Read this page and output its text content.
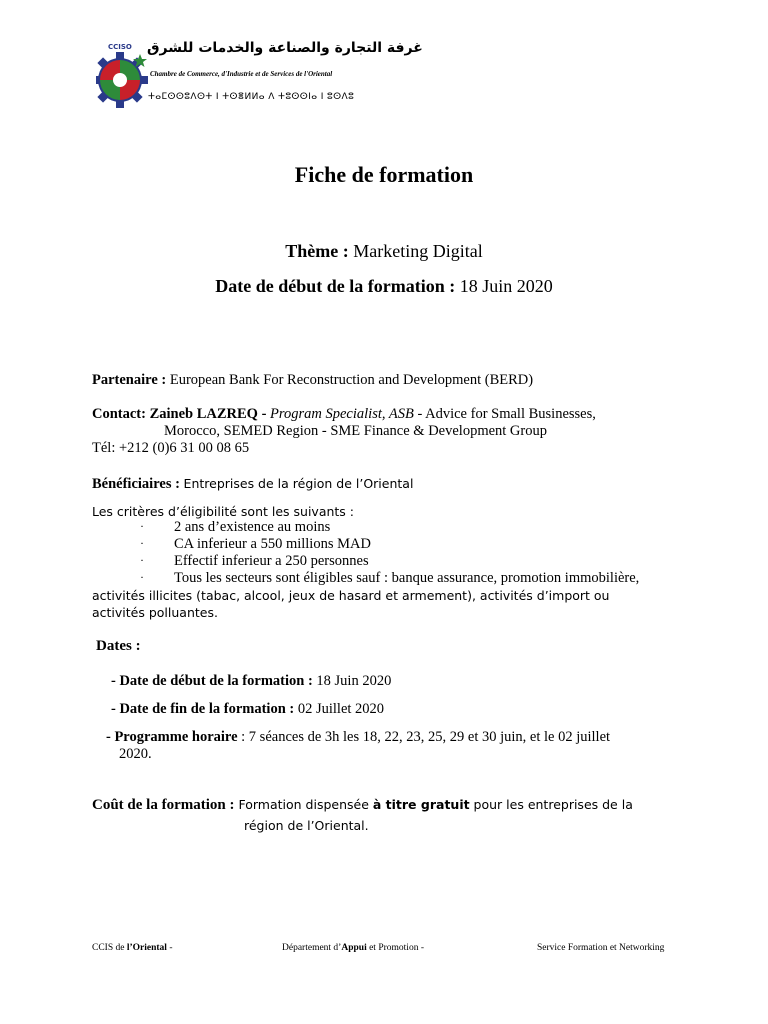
CCISO غرفة التجارة والصناعة والخدمات للشرق
Chambre de Commerce, d'Industrie et de Services de l'Oriental
ⵜⴰⵎⵙⵙⵓⴷⵙⵜ ⵏ ⵜⵙⴻⵍⵍⴰ ⴷ ⵜⵓⵙⵙⵏⴰ ⵏ ⵓⵙⴷⵓ
Fiche de formation
Thème : Marketing Digital
Date de début de la formation : 18 Juin 2020
Partenaire : European Bank For Reconstruction and Development (BERD)
Contact: Zaineb LAZREQ - Program Specialist, ASB - Advice for Small Businesses,
Morocco, SEMED Region - SME Finance & Development Group
Tél: +212 (0)6 31 00 08 65
Bénéficiaires : Entreprises de la région de l’Oriental
Les critères d’éligibilité sont les suivants :
· 2 ans d’existence au moins
· CA inferieur a 550 millions MAD
· Effectif inferieur a 250 personnes
· Tous les secteurs sont éligibles sauf : banque assurance, promotion immobilière,
activités illicites (tabac, alcool, jeux de hasard et armement), activités d’import ou
activités polluantes.
Dates :
- Date de début de la formation : 18 Juin 2020
- Date de fin de la formation : 02 Juillet 2020
- Programme horaire : 7 séances de 3h les 18, 22, 23, 25, 29 et 30 juin, et le 02 juillet
2020.
Coût de la formation : Formation dispensée à titre gratuit pour les entreprises de la
région de l’Oriental.
CCIS de l’Oriental -	Département d’Appui et Promotion -	Service Formation et Networking
